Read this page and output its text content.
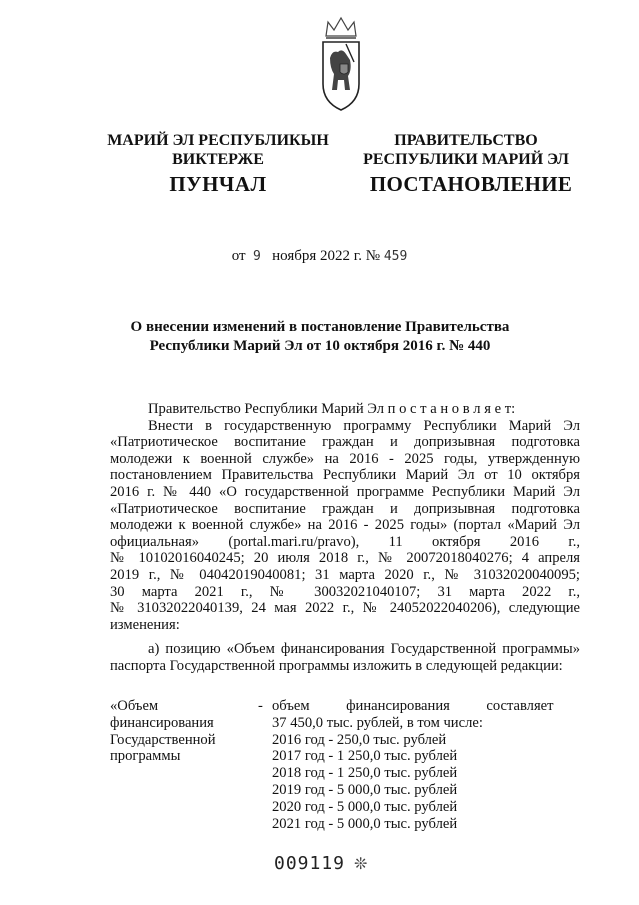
МАРИЙ ЭЛ РЕСПУБЛИКЫН
ВИКТЕРЖЕ
ПРАВИТЕЛЬСТВО
РЕСПУБЛИКИ МАРИЙ ЭЛ
ПУНЧАЛ	ПОСТАНОВЛЕНИЕ
от 9 ноября 2022 г. № 459
О внесении изменений в постановление Правительства
Республики Марий Эл от 10 октября 2016 г. № 440

Правительство Республики Марий Эл п о с т а н о в л я е т:

Внести в государственную программу Республики Марий Эл

«Патриотическое воспитание граждан и допризывная подготовка

молодежи к военной службе» на 2016 - 2025 годы, утвержденную

постановлением Правительства Республики Марий Эл от 10 октября

2016 г. № 440 «О государственной программе Республики Марий Эл

«Патриотическое воспитание граждан и допризывная подготовка

молодежи к военной службе» на 2016 - 2025 годы» (портал «Марий Эл

официальная» (portal.mari.ru/pravo), 11 октября 2016 г.,

№ 10102016040245; 20 июля 2018 г., № 20072018040276; 4 апреля

2019 г., № 04042019040081; 31 марта 2020 г., № 31032020040095;

30 марта 2021 г., № 30032021040107; 31 марта 2022 г.,

№ 31032022040139, 24 мая 2022 г., № 24052022040206), следующие

изменения:

а) позицию «Объем финансирования Государственной программы»

паспорта Государственной программы изложить в следующей редакции:

«Объем
финансирования
Государственной
программы
- объем          финансирования          составляет
37 450,0 тыс. рублей, в том числе:
2016 год - 250,0 тыс. рублей
2017 год - 1 250,0 тыс. рублей
2018 год - 1 250,0 тыс. рублей
2019 год - 5 000,0 тыс. рублей
2020 год - 5 000,0 тыс. рублей
2021 год - 5 000,0 тыс. рублей
009119 ❊
